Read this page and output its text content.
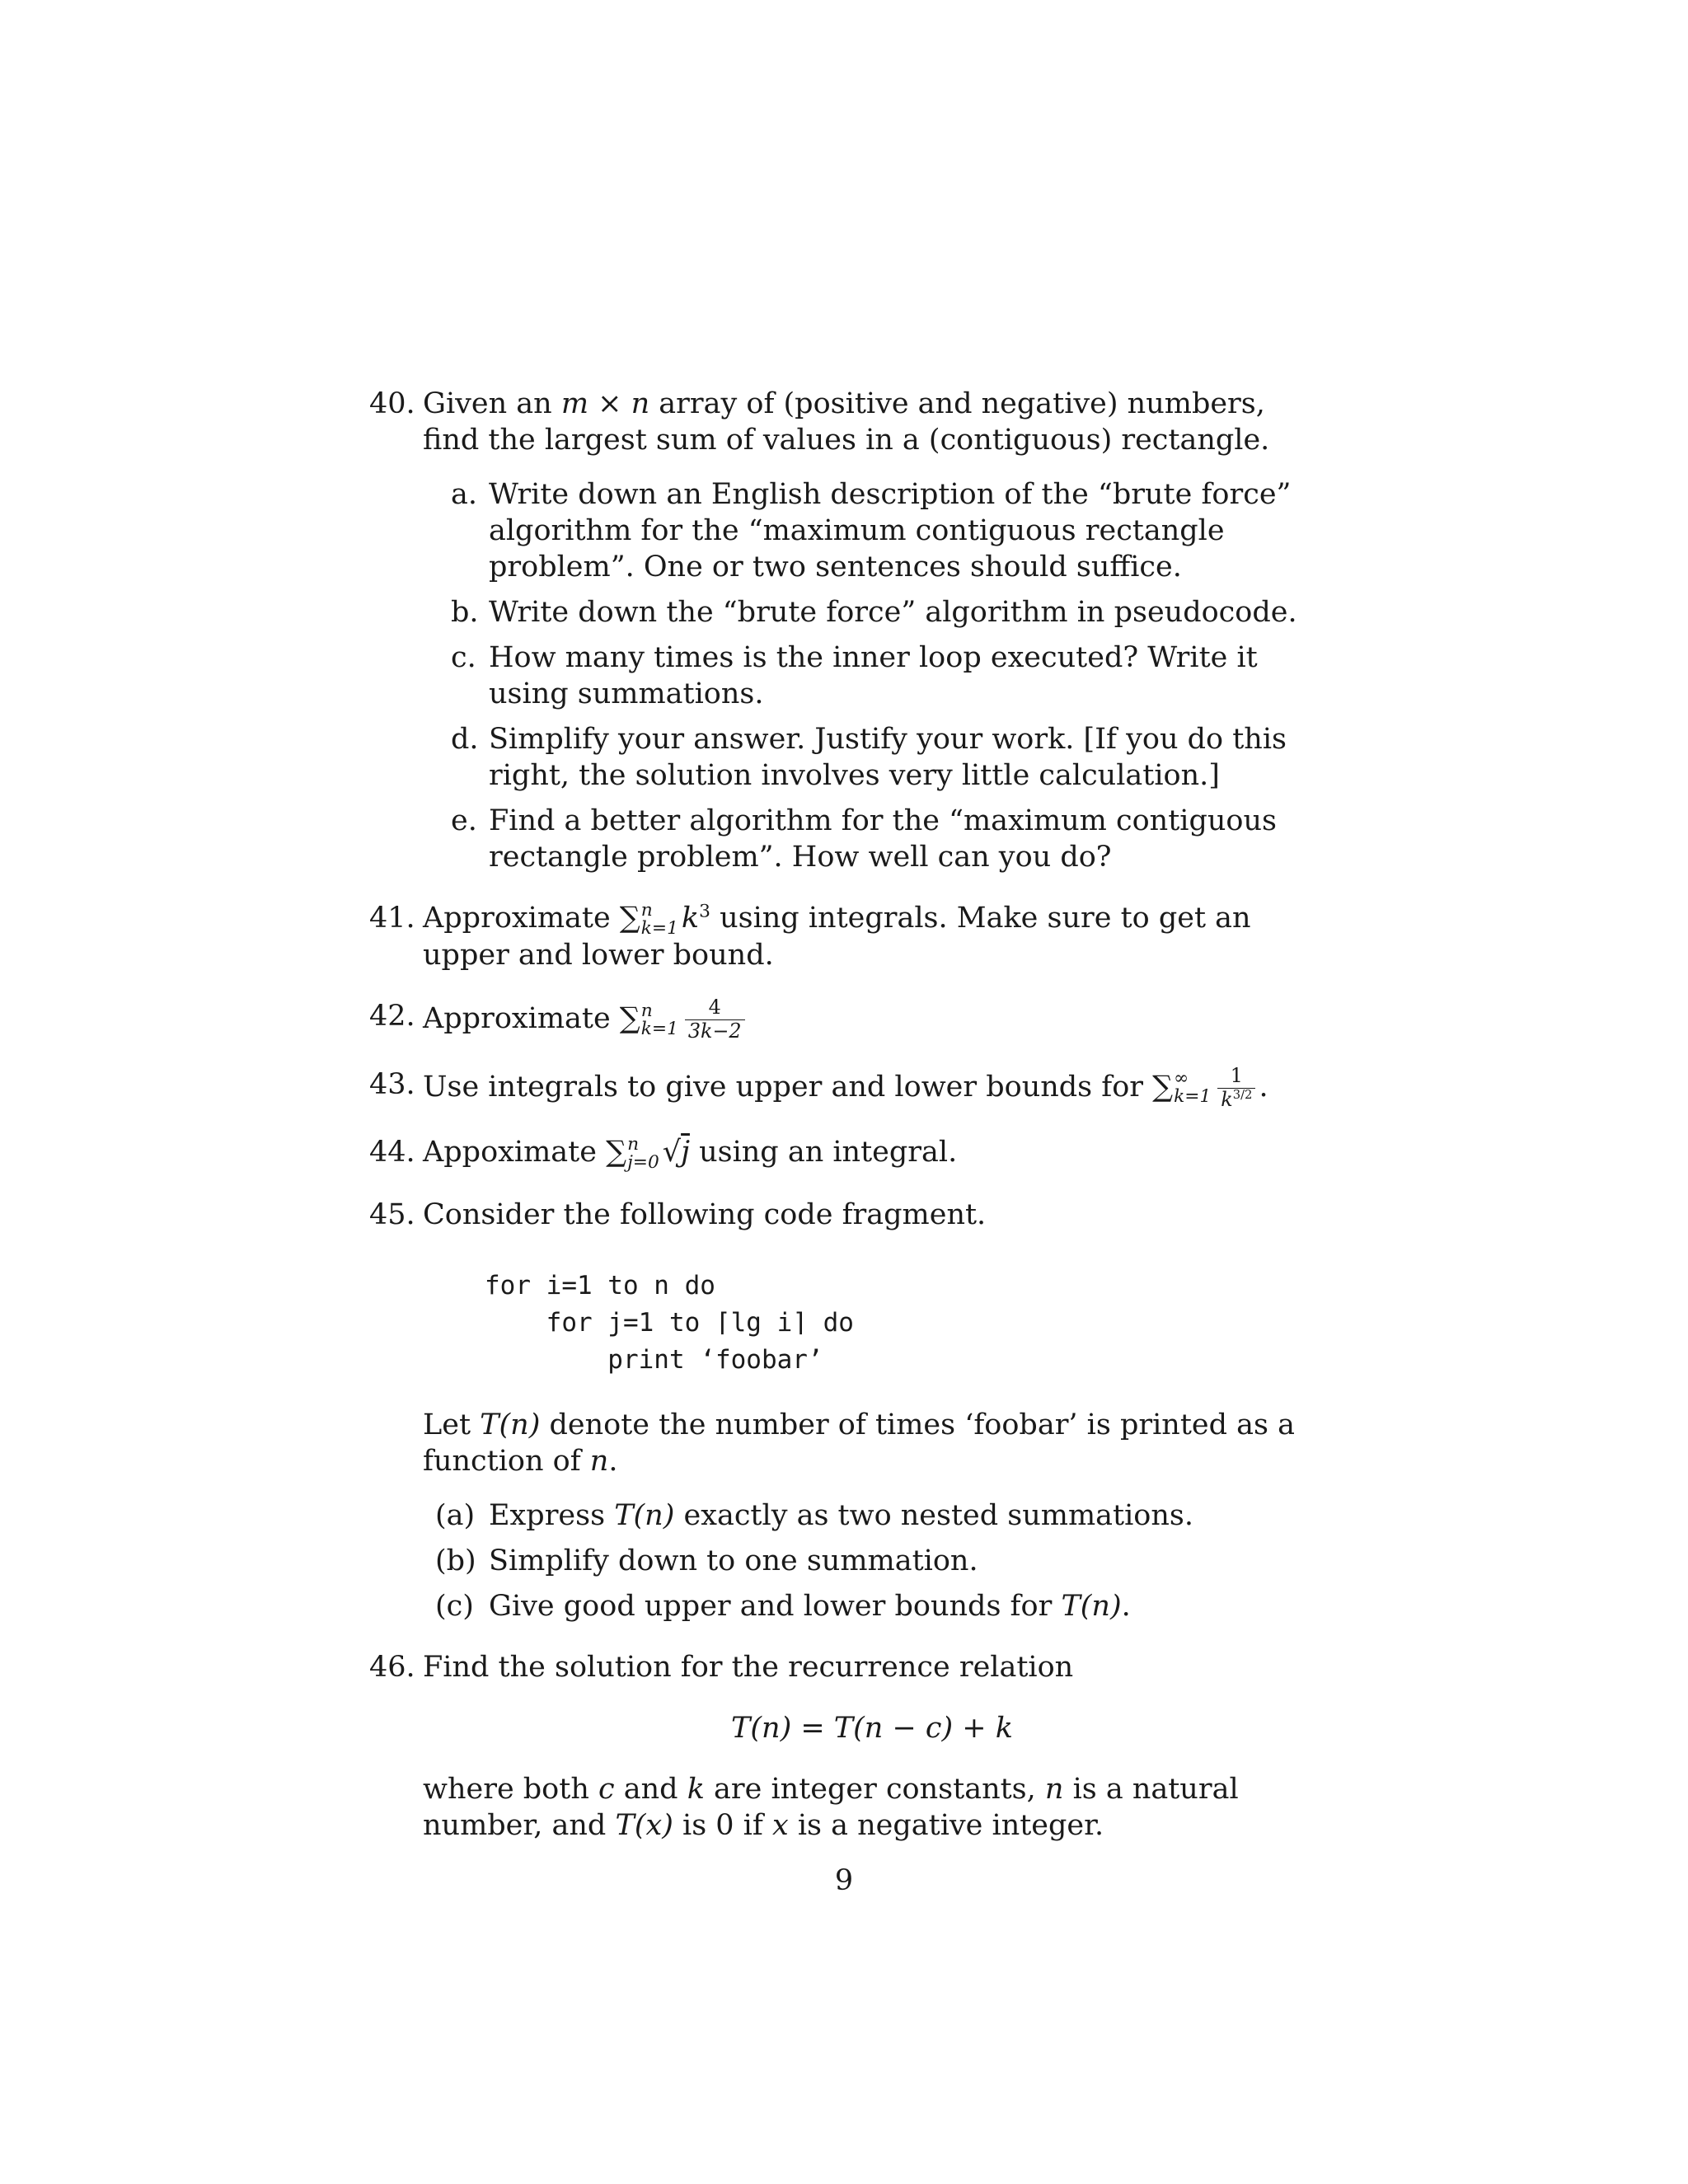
40. Given an m × n array of (positive and negative) numbers, find the largest sum of values in a (contiguous) rectangle.
a. Write down an English description of the “brute force” algorithm for the “maximum contiguous rectangle problem”. One or two sentences should suffice.
b. Write down the “brute force” algorithm in pseudocode.
c. How many times is the inner loop executed? Write it using summations.
d. Simplify your answer. Justify your work. [If you do this right, the solution involves very little calculation.]
e. Find a better algorithm for the “maximum contiguous rectangle problem”. How well can you do?
41. Approximate ∑ n
k=1 $k^3$ using integrals. Make sure to get an upper and lower bound.
42. Approximate ∑ n
$k=1 \frac{4}{3k-2}$
43. Use integrals to give upper and lower bounds for ∑ ∞
$k=1 \frac{1}{k^{3/2}}$ .
44. Appoximate ∑ n
j=0 √j using an integral.
45. Consider the following code fragment.
for i=1 to n do
for j=1 to ⌈lg i⌉ do
print ‘foobar’

Let T(n) denote the number of times ‘foobar’ is printed as a function of n.

(a) Express T(n) exactly as two nested summations.
(b) Simplify down to one summation.
(c) Give good upper and lower bounds for T(n).
46. Find the solution for the recurrence relation
T(n) = T(n − c) + k

where both c and k are integer constants, n is a natural number, and T(x) is 0 if x is a negative integer.

9
